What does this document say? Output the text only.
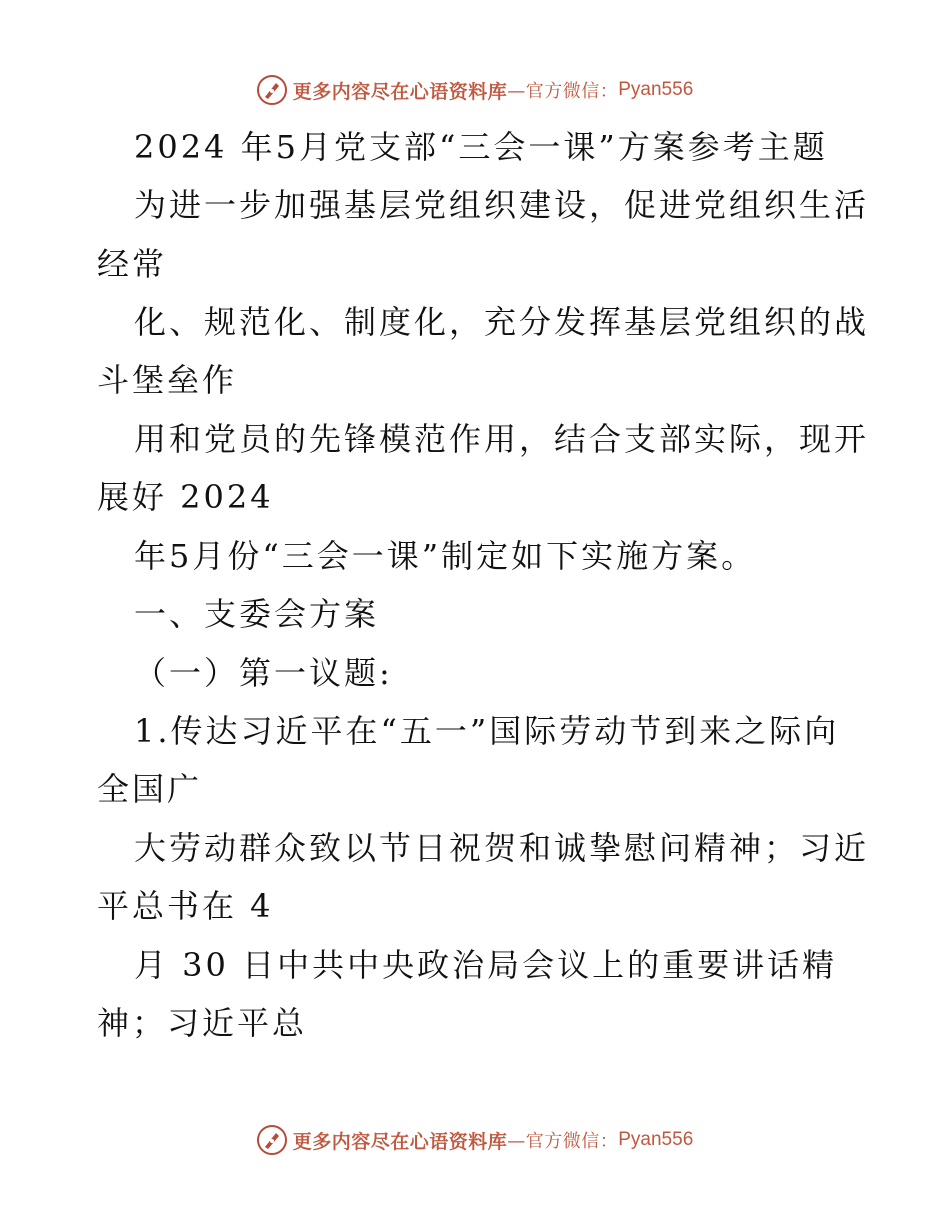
更多内容尽在心语资料库 —官方微信： Pyan556

2024 年5月党支部“三会一课”方案参考主题

为进一步加强基层党组织建设，促进党组织生活

经常

化、规范化、制度化，充分发挥基层党组织的战

斗堡垒作

用和党员的先锋模范作用，结合支部实际，现开

展好 2024

年5月份“三会一课”制定如下实施方案。

一、支委会方案

（一）第一议题:

1.传达习近平在“五一”国际劳动节到来之际向

全国广

大劳动群众致以节日祝贺和诚挚慰问精神；习近

平总书在 4

月 30 日中共中央政治局会议上的重要讲话精

神；习近平总

更多内容尽在心语资料库 —官方微信： Pyan556
